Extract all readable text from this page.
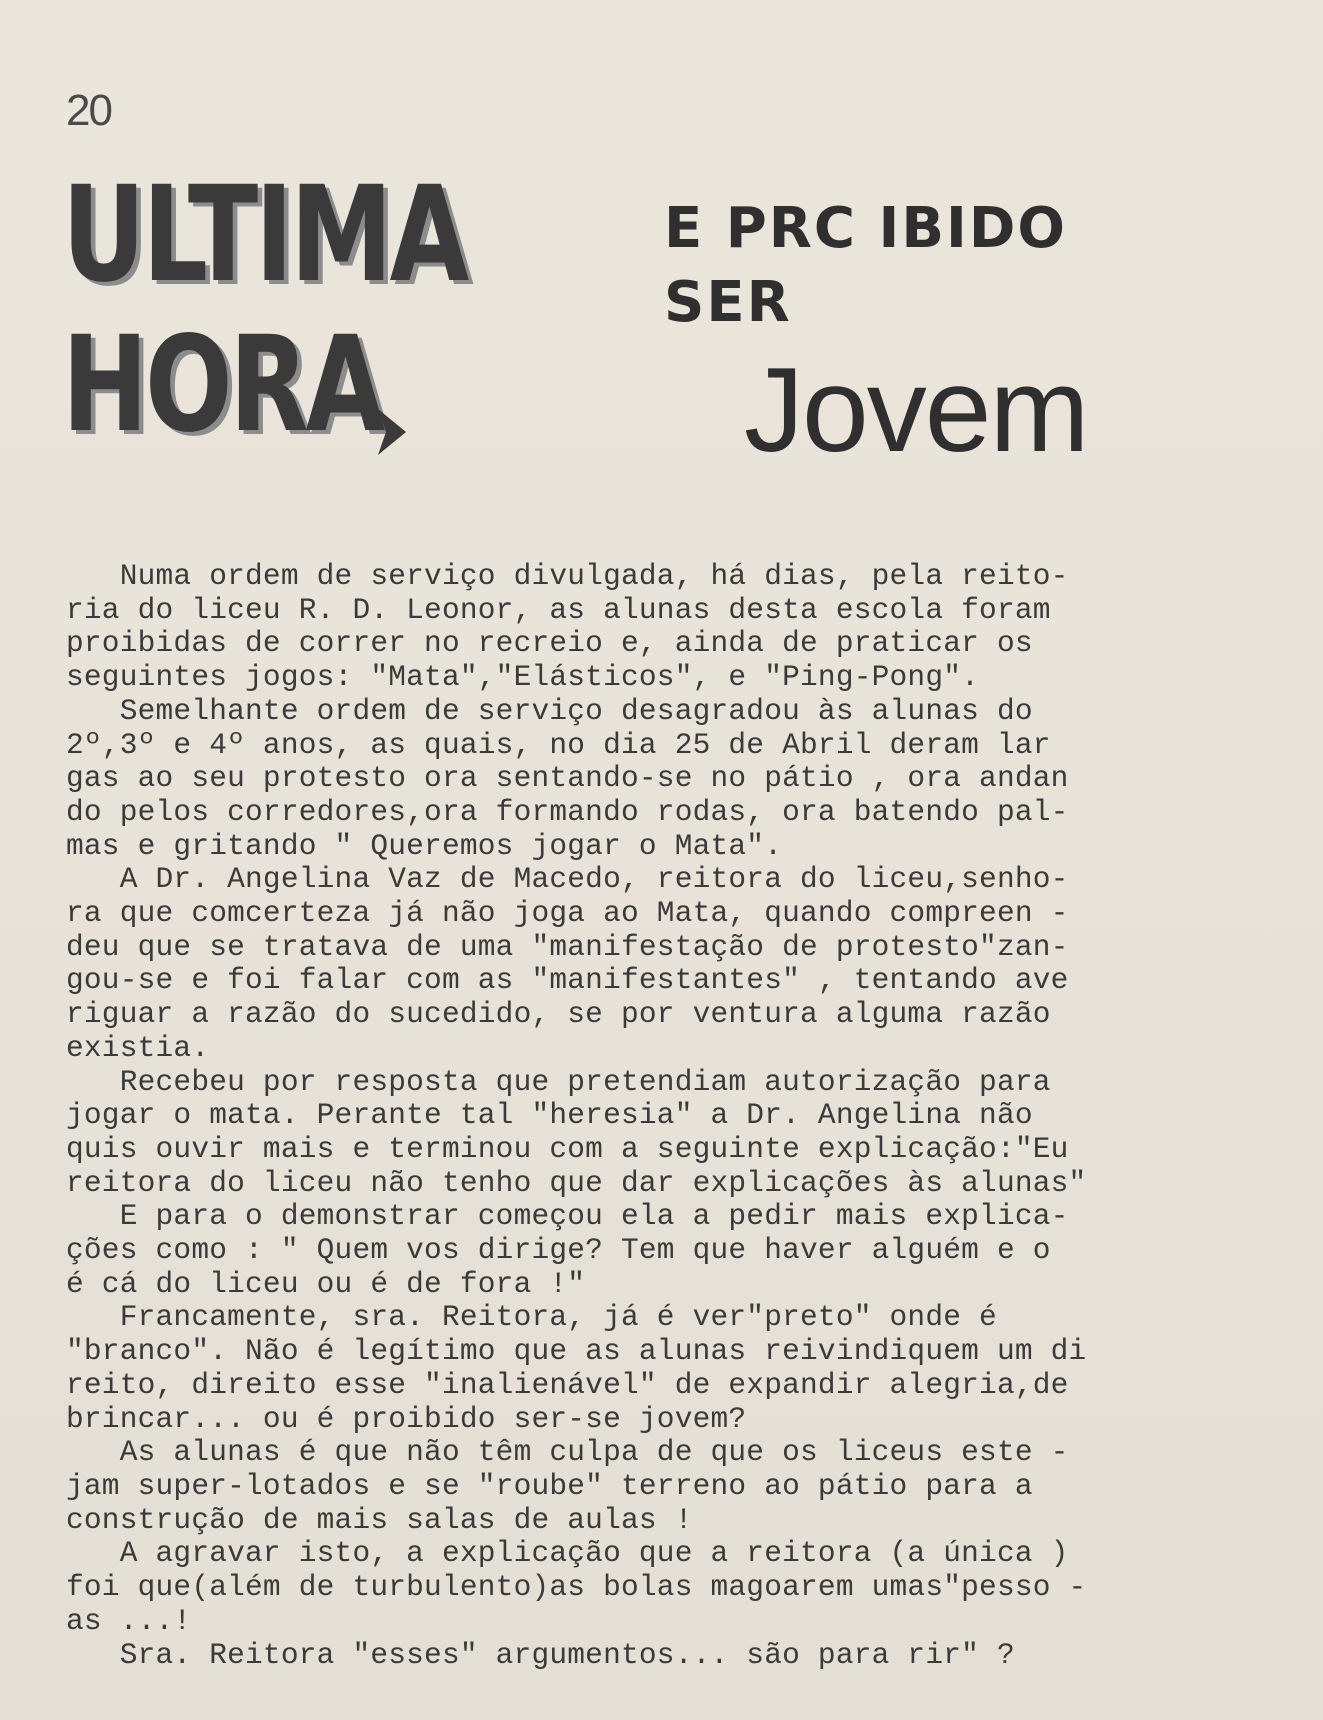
20
ULTIMA
HORA
E PRC IBIDO
SER
Jovem
Numa ordem de serviço divulgada, há dias, pela reito-
ria do liceu R. D. Leonor, as alunas desta escola foram
proibidas de correr no recreio e, ainda de praticar os
seguintes jogos: "Mata","Elásticos", e "Ping-Pong".
Semelhante ordem de serviço desagradou às alunas do
2º,3º e 4º anos, as quais, no dia 25 de Abril deram lar
gas ao seu protesto ora sentando-se no pátio , ora andan
do pelos corredores,ora formando rodas, ora batendo pal-
mas e gritando " Queremos jogar o Mata".
A Dr. Angelina Vaz de Macedo, reitora do liceu,senho-
ra que comcerteza já não joga ao Mata, quando compreen -
deu que se tratava de uma "manifestação de protesto"zan-
gou-se e foi falar com as "manifestantes" , tentando ave
riguar a razão do sucedido, se por ventura alguma razão
existia.
Recebeu por resposta que pretendiam autorização para
jogar o mata. Perante tal "heresia" a Dr. Angelina não
quis ouvir mais e terminou com a seguinte explicação:"Eu
reitora do liceu não tenho que dar explicações às alunas"
E para o demonstrar começou ela a pedir mais explica-
ções como : " Quem vos dirige? Tem que haver alguém e o
é cá do liceu ou é de fora !"
Francamente, sra. Reitora, já é ver"preto" onde é
"branco". Não é legítimo que as alunas reivindiquem um di
reito, direito esse "inalienável" de expandir alegria,de
brincar... ou é proibido ser-se jovem?
As alunas é que não têm culpa de que os liceus este -
jam super-lotados e se "roube" terreno ao pátio para a
construção de mais salas de aulas !
A agravar isto, a explicação que a reitora (a única )
foi que(além de turbulento)as bolas magoarem umas"pesso -
as ...!
Sra. Reitora "esses" argumentos... são para rir" ?
